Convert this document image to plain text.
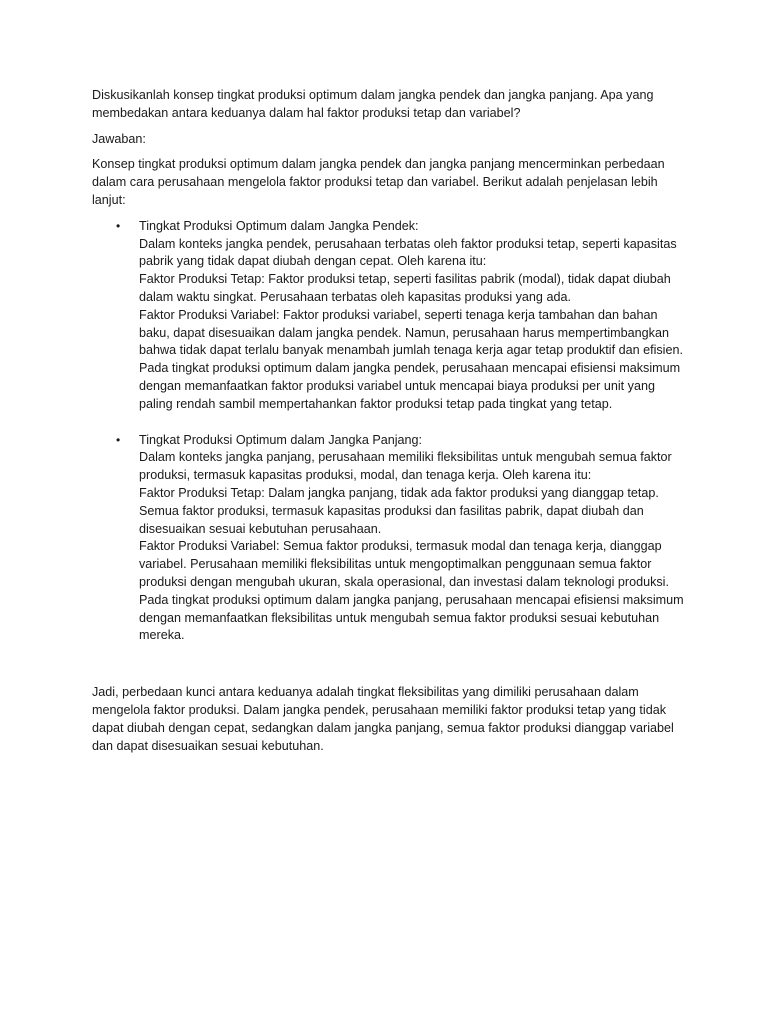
Diskusikanlah konsep tingkat produksi optimum dalam jangka pendek dan jangka panjang. Apa yang membedakan antara keduanya dalam hal faktor produksi tetap dan variabel?

Jawaban:

Konsep tingkat produksi optimum dalam jangka pendek dan jangka panjang mencerminkan perbedaan dalam cara perusahaan mengelola faktor produksi tetap dan variabel. Berikut adalah penjelasan lebih lanjut:

• Tingkat Produksi Optimum dalam Jangka Pendek:
Dalam konteks jangka pendek, perusahaan terbatas oleh faktor produksi tetap, seperti kapasitas pabrik yang tidak dapat diubah dengan cepat. Oleh karena itu:
Faktor Produksi Tetap: Faktor produksi tetap, seperti fasilitas pabrik (modal), tidak dapat diubah dalam waktu singkat. Perusahaan terbatas oleh kapasitas produksi yang ada.
Faktor Produksi Variabel: Faktor produksi variabel, seperti tenaga kerja tambahan dan bahan baku, dapat disesuaikan dalam jangka pendek. Namun, perusahaan harus mempertimbangkan bahwa tidak dapat terlalu banyak menambah jumlah tenaga kerja agar tetap produktif dan efisien.
Pada tingkat produksi optimum dalam jangka pendek, perusahaan mencapai efisiensi maksimum dengan memanfaatkan faktor produksi variabel untuk mencapai biaya produksi per unit yang paling rendah sambil mempertahankan faktor produksi tetap pada tingkat yang tetap.
• Tingkat Produksi Optimum dalam Jangka Panjang:
Dalam konteks jangka panjang, perusahaan memiliki fleksibilitas untuk mengubah semua faktor produksi, termasuk kapasitas produksi, modal, dan tenaga kerja. Oleh karena itu:
Faktor Produksi Tetap: Dalam jangka panjang, tidak ada faktor produksi yang dianggap tetap. Semua faktor produksi, termasuk kapasitas produksi dan fasilitas pabrik, dapat diubah dan disesuaikan sesuai kebutuhan perusahaan.
Faktor Produksi Variabel: Semua faktor produksi, termasuk modal dan tenaga kerja, dianggap variabel. Perusahaan memiliki fleksibilitas untuk mengoptimalkan penggunaan semua faktor produksi dengan mengubah ukuran, skala operasional, dan investasi dalam teknologi produksi.
Pada tingkat produksi optimum dalam jangka panjang, perusahaan mencapai efisiensi maksimum dengan memanfaatkan fleksibilitas untuk mengubah semua faktor produksi sesuai kebutuhan mereka.

Jadi, perbedaan kunci antara keduanya adalah tingkat fleksibilitas yang dimiliki perusahaan dalam mengelola faktor produksi. Dalam jangka pendek, perusahaan memiliki faktor produksi tetap yang tidak dapat diubah dengan cepat, sedangkan dalam jangka panjang, semua faktor produksi dianggap variabel dan dapat disesuaikan sesuai kebutuhan.
